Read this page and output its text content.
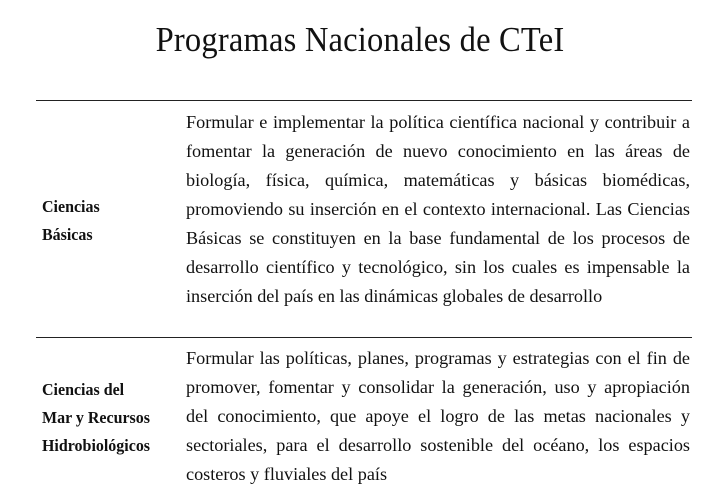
Programas Nacionales de CTeI
Ciencias
Básicas
Formular e implementar la política científica nacional y contribuir a fomentar la generación de nuevo conocimiento en las áreas de biología, física, química, matemáticas y básicas biomédicas, promoviendo su inserción en el contexto internacional. Las Ciencias Básicas se constituyen en la base fundamental de los procesos de desarrollo científico y tecnológico, sin los cuales es impensable la inserción del país en las dinámicas globales de desarrollo
Ciencias del
Mar y Recursos
Hidrobiológicos
Formular las políticas, planes, programas y estrategias con el fin de promover, fomentar y consolidar la generación, uso y apropiación del conocimiento, que apoye el logro de las metas nacionales y sectoriales, para el desarrollo sostenible del océano, los espacios costeros y fluviales del país
